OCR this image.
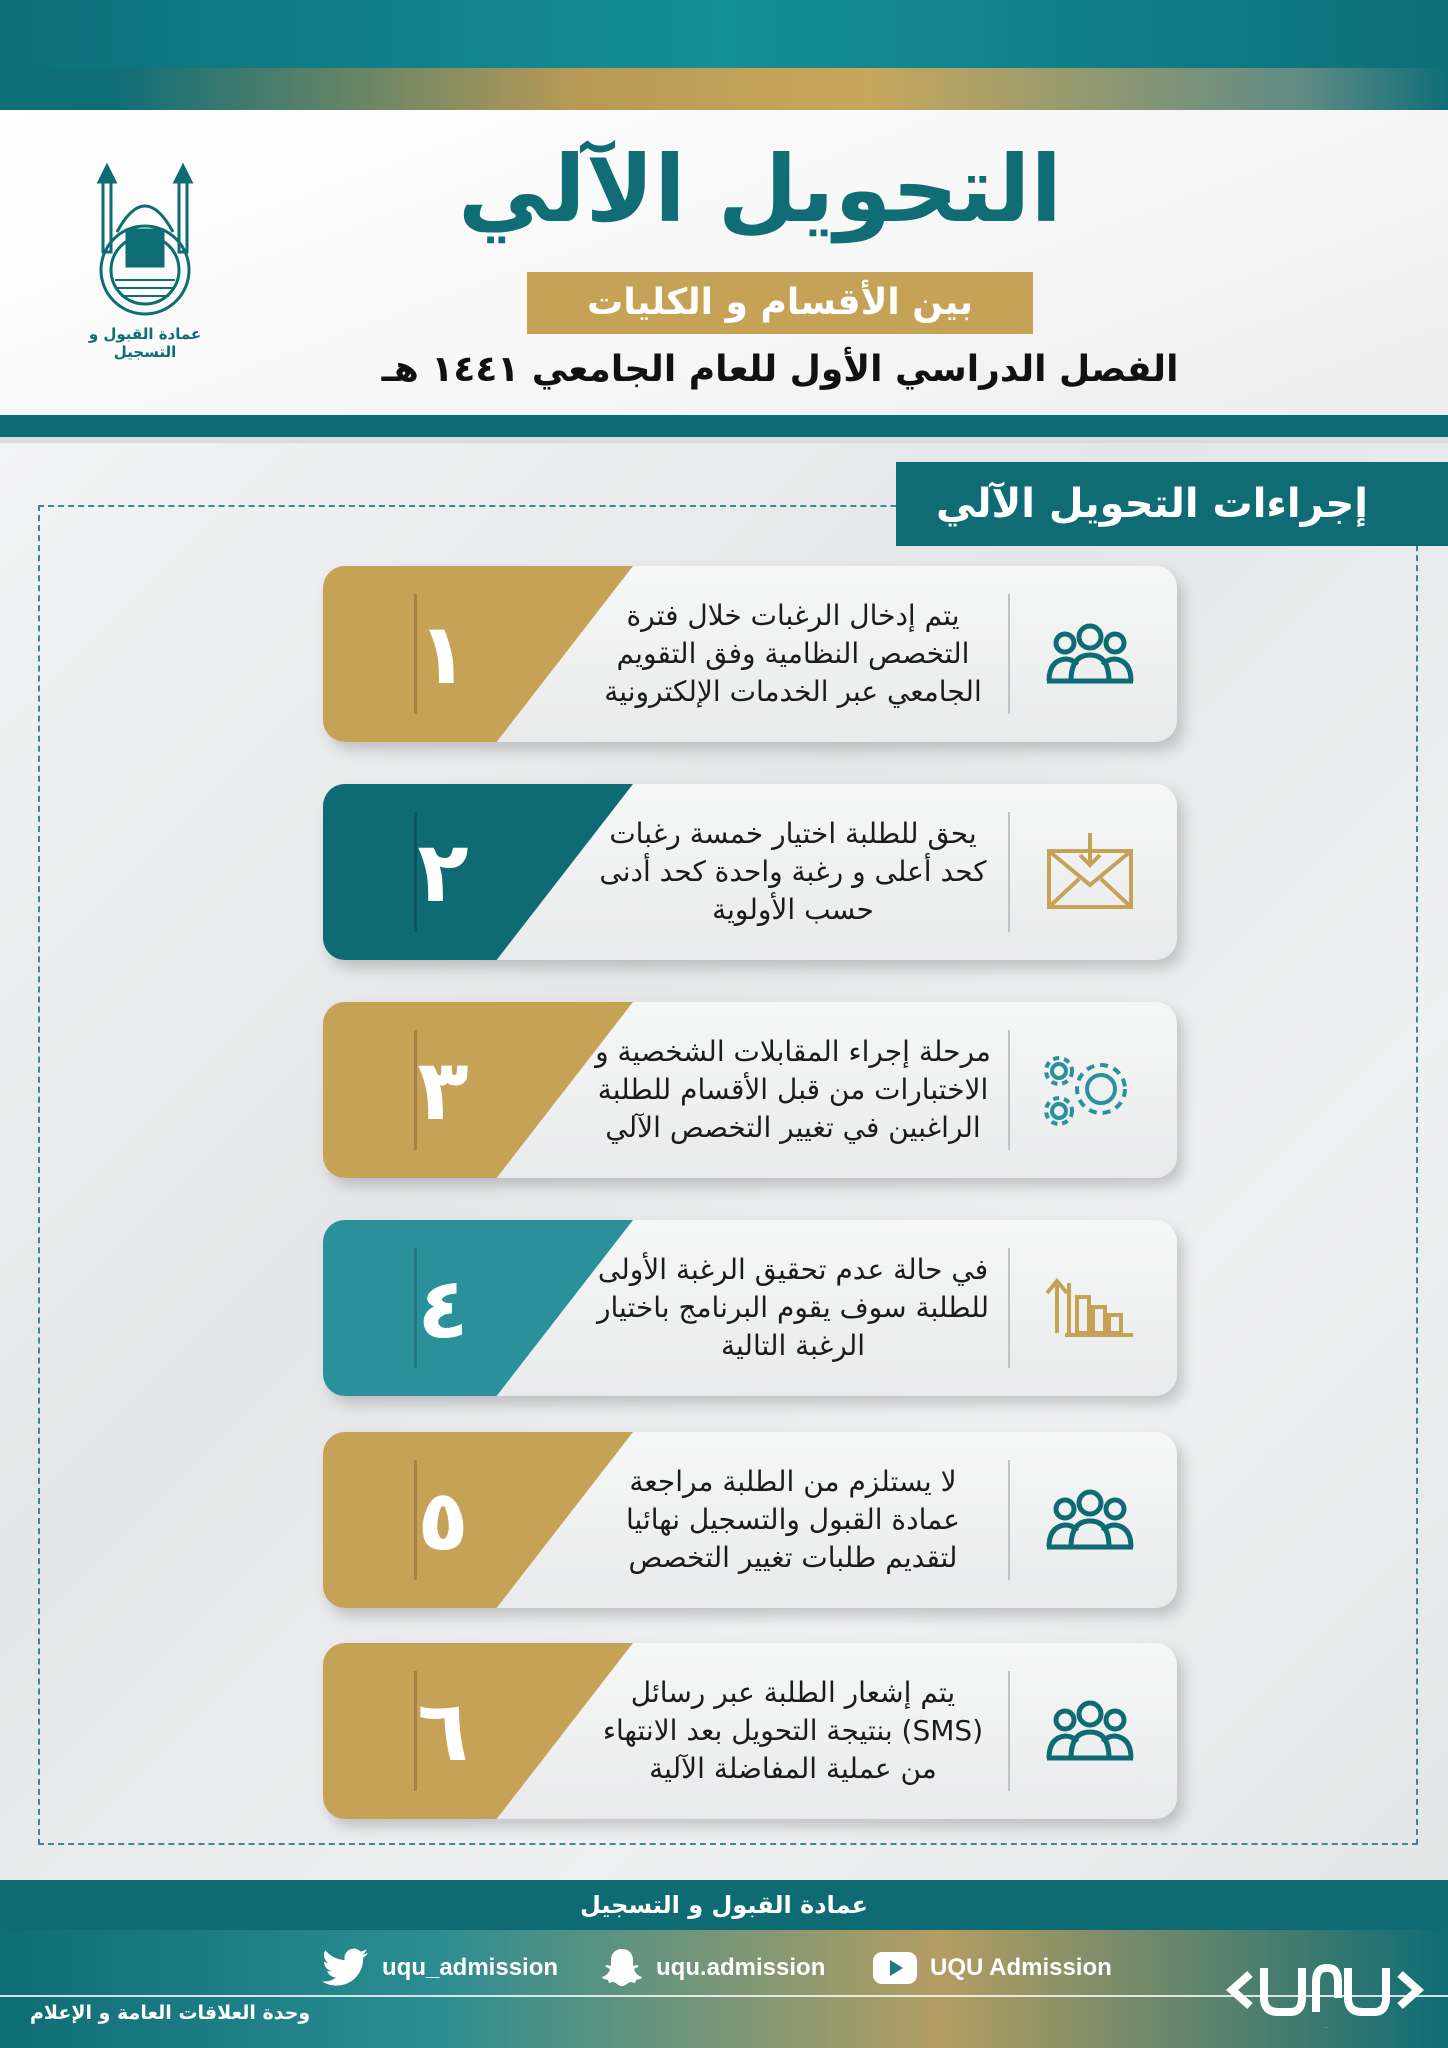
عمادة القبول و التسجيل
التحويل الآلي
بين الأقسام و الكليات
الفصل الدراسي الأول للعام الجامعي ١٤٤١ هـ
إجراءات التحويل الآلي
١	يتم إدخال الرغبات خلال فترة التخصص النظامية وفق التقويم الجامعي عبر الخدمات الإلكترونية
٢	يحق للطلبة اختيار خمسة رغبات كحد أعلى و رغبة واحدة كحد أدنى حسب الأولوية
٣	مرحلة إجراء المقابلات الشخصية و الاختبارات من قبل الأقسام للطلبة الراغبين في تغيير التخصص الآلي
٤	في حالة عدم تحقيق الرغبة الأولى للطلبة سوف يقوم البرنامج باختيار الرغبة التالية
٥	لا يستلزم من الطلبة مراجعة عمادة القبول والتسجيل نهائيا لتقديم طلبات تغيير التخصص
٦	يتم إشعار الطلبة عبر رسائل (SMS) بنتيجة التحويل بعد الانتهاء من عملية المفاضلة الآلية
عمادة القبول و التسجيل
uqu_admission	uqu.admission	UQU Admission
وحدة العلاقات العامة و الإعلام
UQU
